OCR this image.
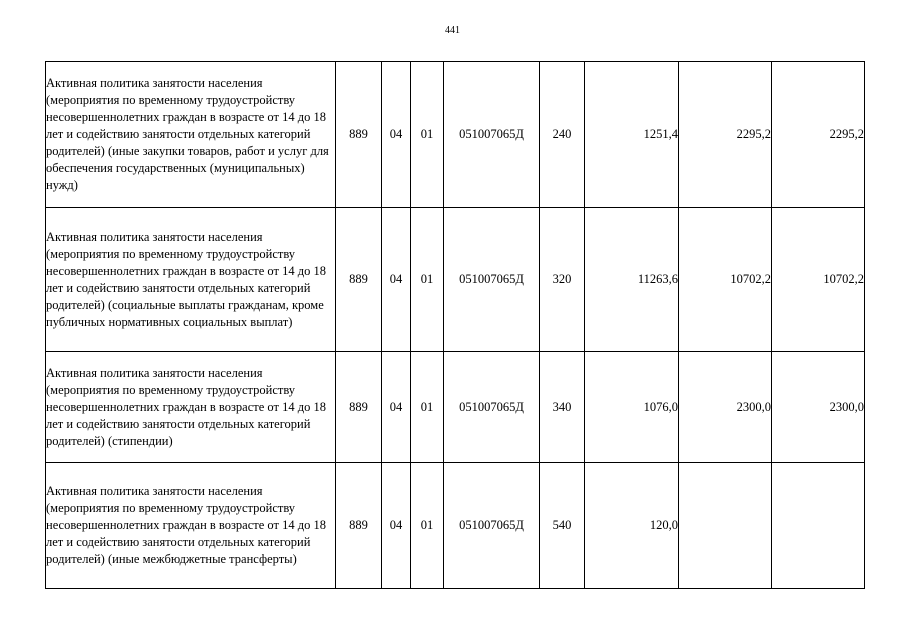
441
Активная политика занятости населения (мероприятия по временному трудоустройству несовершеннолетних граждан в возрасте от 14 до 18 лет и содействию занятости отдельных категорий родителей) (иные закупки товаров, работ и услуг для обеспечения государственных (муниципальных) нужд)	889	04	01	051007065Д	240	1251,4	2295,2	2295,2
Активная политика занятости населения (мероприятия по временному трудоустройству несовершеннолетних граждан в возрасте от 14 до 18 лет и содействию занятости отдельных категорий родителей) (социальные выплаты гражданам, кроме публичных нормативных социальных выплат)	889	04	01	051007065Д	320	11263,6	10702,2	10702,2
Активная политика занятости населения (мероприятия по временному трудоустройству несовершеннолетних граждан в возрасте от 14 до 18 лет и содействию занятости отдельных категорий родителей) (стипендии)	889	04	01	051007065Д	340	1076,0	2300,0	2300,0
Активная политика занятости населения (мероприятия по временному трудоустройству несовершеннолетних граждан в возрасте от 14 до 18 лет и содействию занятости отдельных категорий родителей) (иные межбюджетные трансферты)	889	04	01	051007065Д	540	120,0		
